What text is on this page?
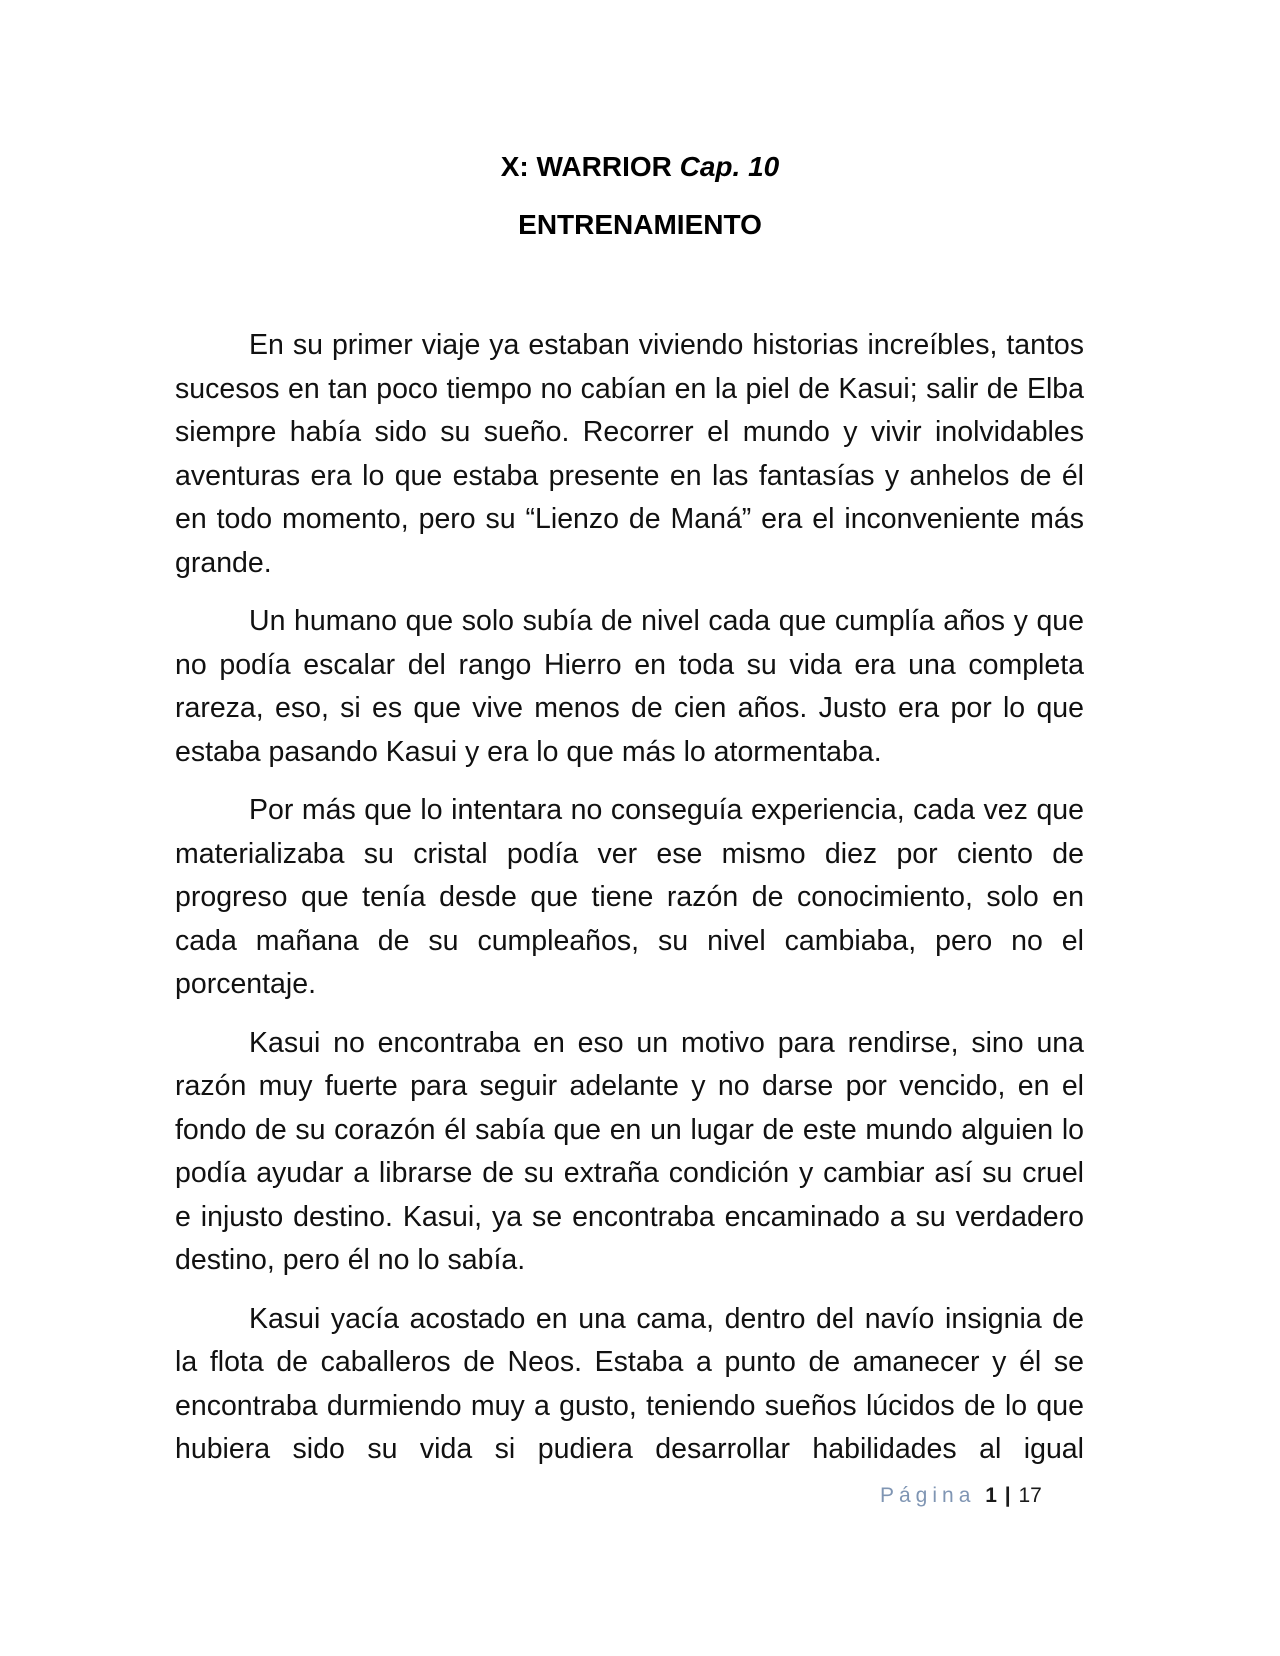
X: WARRIOR Cap. 10
ENTRENAMIENTO

En su primer viaje ya estaban viviendo historias increíbles, tantos sucesos en tan poco tiempo no cabían en la piel de Kasui; salir de Elba siempre había sido su sueño. Recorrer el mundo y vivir inolvidables aventuras era lo que estaba presente en las fantasías y anhelos de él en todo momento, pero su “Lienzo de Maná” era el inconveniente más grande.

Un humano que solo subía de nivel cada que cumplía años y que no podía escalar del rango Hierro en toda su vida era una completa rareza, eso, si es que vive menos de cien años. Justo era por lo que estaba pasando Kasui y era lo que más lo atormentaba.

Por más que lo intentara no conseguía experiencia, cada vez que materializaba su cristal podía ver ese mismo diez por ciento de progreso que tenía desde que tiene razón de conocimiento, solo en cada mañana de su cumpleaños, su nivel cambiaba, pero no el porcentaje.

Kasui no encontraba en eso un motivo para rendirse, sino una razón muy fuerte para seguir adelante y no darse por vencido, en el fondo de su corazón él sabía que en un lugar de este mundo alguien lo podía ayudar a librarse de su extraña condición y cambiar así su cruel e injusto destino. Kasui, ya se encontraba encaminado a su verdadero destino, pero él no lo sabía.

Kasui yacía acostado en una cama, dentro del navío insignia de la flota de caballeros de Neos. Estaba a punto de amanecer y él se encontraba durmiendo muy a gusto, teniendo sueños lúcidos de lo que hubiera sido su vida si pudiera desarrollar habilidades al igual

Página 1 | 17
